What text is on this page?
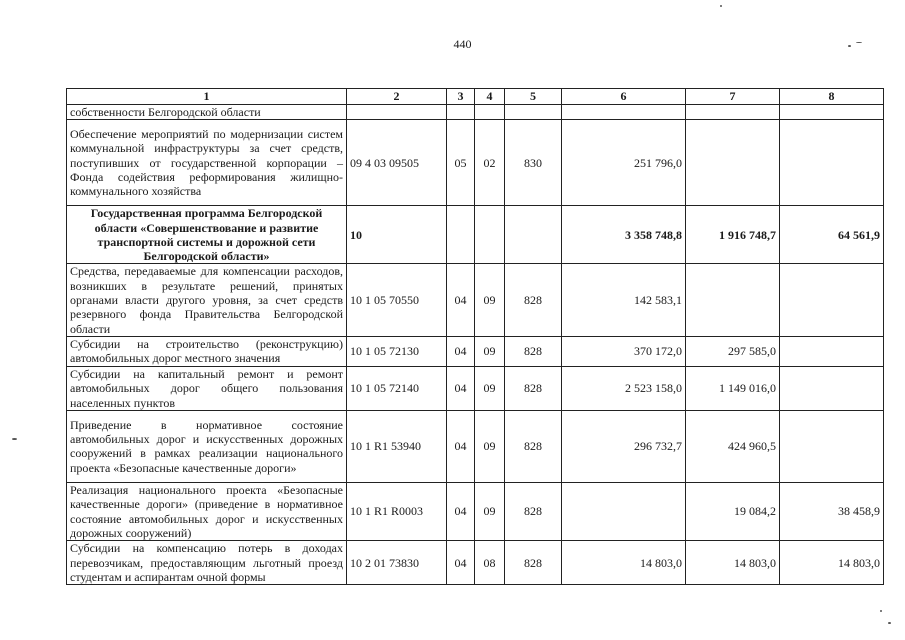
440
1	2	3	4	5	6	7	8
собственности Белгородской области							
Обеспечение мероприятий по модернизации систем коммунальной инфраструктуры за счет средств, поступивших от государственной корпорации – Фонда содействия реформирования жилищно-коммунального хозяйства	09 4 03 09505	05	02	830	251 796,0		
Государственная программа Белгородской области «Совершенствование и развитие транспортной системы и дорожной сети Белгородской области»	10				3 358 748,8	1 916 748,7	64 561,9
Средства, передаваемые для компенсации расходов, возникших в результате решений, принятых органами власти другого уровня, за счет средств резервного фонда Правительства Белгородской области	10 1 05 70550	04	09	828	142 583,1		
Субсидии на строительство (реконструкцию) автомобильных дорог местного значения	10 1 05 72130	04	09	828	370 172,0	297 585,0	
Субсидии на капитальный ремонт и ремонт автомобильных дорог общего пользования населенных пунктов	10 1 05 72140	04	09	828	2 523 158,0	1 149 016,0	
Приведение в нормативное состояние автомобильных дорог и искусственных дорожных сооружений в рамках реализации национального проекта «Безопасные качественные дороги»	10 1 R1 53940	04	09	828	296 732,7	424 960,5	
Реализация национального проекта «Безопасные качественные дороги» (приведение в нормативное состояние автомобильных дорог и искусственных дорожных сооружений)	10 1 R1 R0003	04	09	828		19 084,2	38 458,9
Субсидии на компенсацию потерь в доходах перевозчикам, предоставляющим льготный проезд студентам и аспирантам очной формы	10 2 01 73830	04	08	828	14 803,0	14 803,0	14 803,0
